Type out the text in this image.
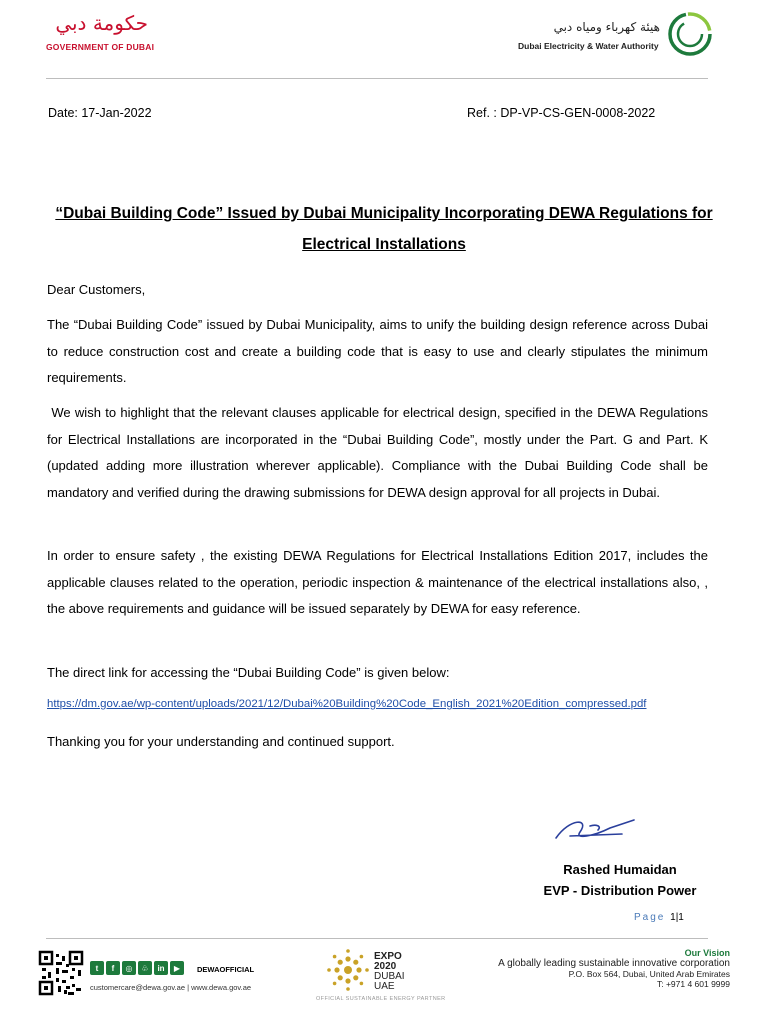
حكومة دبي
GOVERNMENT OF DUBAI
هيئة كهرباء ومياه دبي
Dubai Electricity & Water Authority
Date: 17-Jan-2022	Ref. : DP-VP-CS-GEN-0008-2022
“Dubai Building Code” Issued by Dubai Municipality Incorporating DEWA Regulations for Electrical Installations
Dear Customers,
The “Dubai Building Code” issued by Dubai Municipality, aims to unify the building design reference across Dubai to reduce construction cost and create a building code that is easy to use and clearly stipulates the minimum requirements.
We wish to highlight that the relevant clauses applicable for electrical design, specified in the DEWA Regulations for Electrical Installations are incorporated in the “Dubai Building Code”, mostly under the Part. G and Part. K (updated adding more illustration wherever applicable). Compliance with the Dubai Building Code shall be mandatory and verified during the drawing submissions for DEWA design approval for all projects in Dubai.
In order to ensure safety , the existing DEWA Regulations for Electrical Installations Edition 2017, includes the applicable clauses related to the operation, periodic inspection & maintenance of the electrical installations also, , the above requirements and guidance will be issued separately by DEWA for easy reference.
The direct link for accessing the “Dubai Building Code” is given below:
https://dm.gov.ae/wp-content/uploads/2021/12/Dubai%20Building%20Code_English_2021%20Edition_compressed.pdf
Thanking you for your understanding and continued support.
Rashed Humaidan
EVP - Distribution Power
Page 1|1
t	f	◎	♧	in	▶	DEWAOFFICIAL
customercare@dewa.gov.ae | www.dewa.gov.ae
EXPO
2020
DUBAI
UAE
OFFICIAL SUSTAINABLE ENERGY PARTNER
Our Vision
A globally leading sustainable innovative corporation
P.O. Box 564, Dubai, United Arab Emirates
T: +971 4 601 9999
